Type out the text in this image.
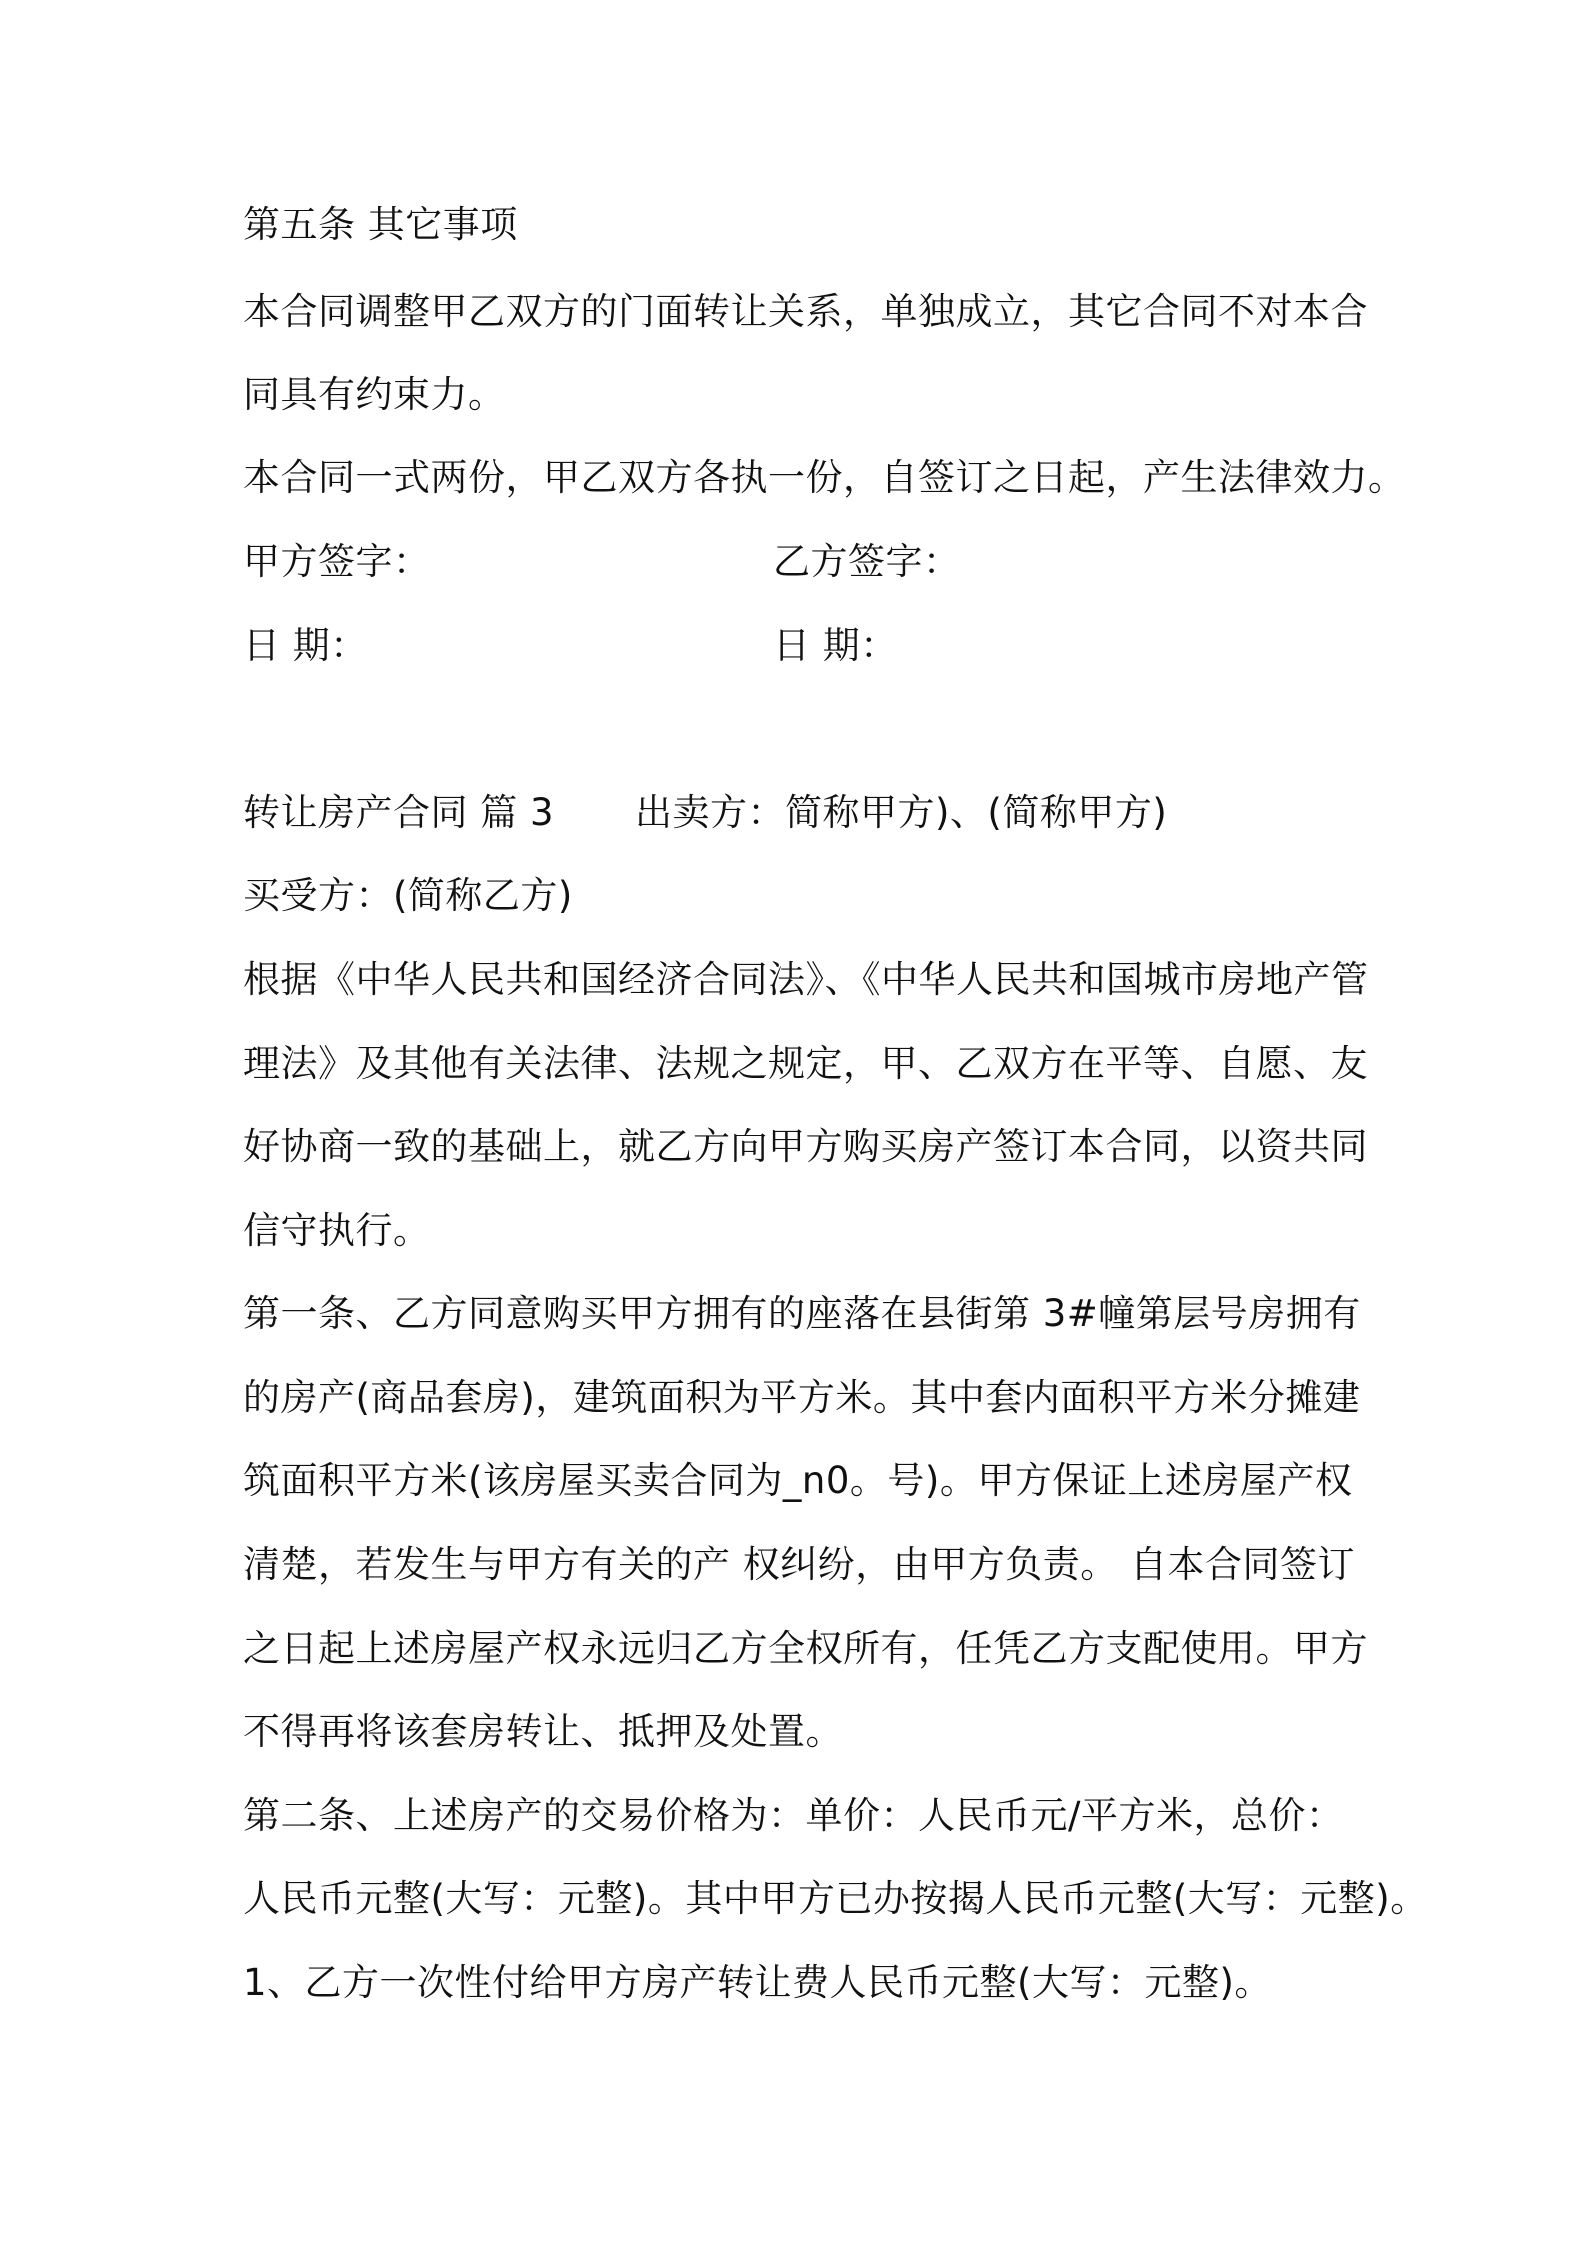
第五条 其它事项
本合同调整甲乙双方的门面转让关系，单独成立，其它合同不对本合
同具有约束力。
本合同一式两份，甲乙双方各执一份，自签订之日起，产生法律效力。
甲方签字：	乙方签字：
日 期：	日 期：
转让房产合同 篇 3 出卖方：简称甲方)、(简称甲方)
买受方：(简称乙方)
根据《中华人民共和国经济合同法》、《中华人民共和国城市房地产管
理法》及其他有关法律、法规之规定，甲、乙双方在平等、自愿、友
好协商一致的基础上，就乙方向甲方购买房产签订本合同，以资共同
信守执行。
第一条、乙方同意购买甲方拥有的座落在县街第 3#幢第层号房拥有
的房产(商品套房)，建筑面积为平方米。其中套内面积平方米分摊建
筑面积平方米(该房屋买卖合同为_n0。号)。甲方保证上述房屋产权
清楚，若发生与甲方有关的产 权纠纷，由甲方负责。 自本合同签订
之日起上述房屋产权永远归乙方全权所有，任凭乙方支配使用。甲方
不得再将该套房转让、抵押及处置。
第二条、上述房产的交易价格为：单价：人民币元/平方米，总价：
人民币元整(大写：元整)。其中甲方已办按揭人民币元整(大写：元整)。
1、乙方一次性付给甲方房产转让费人民币元整(大写：元整)。
